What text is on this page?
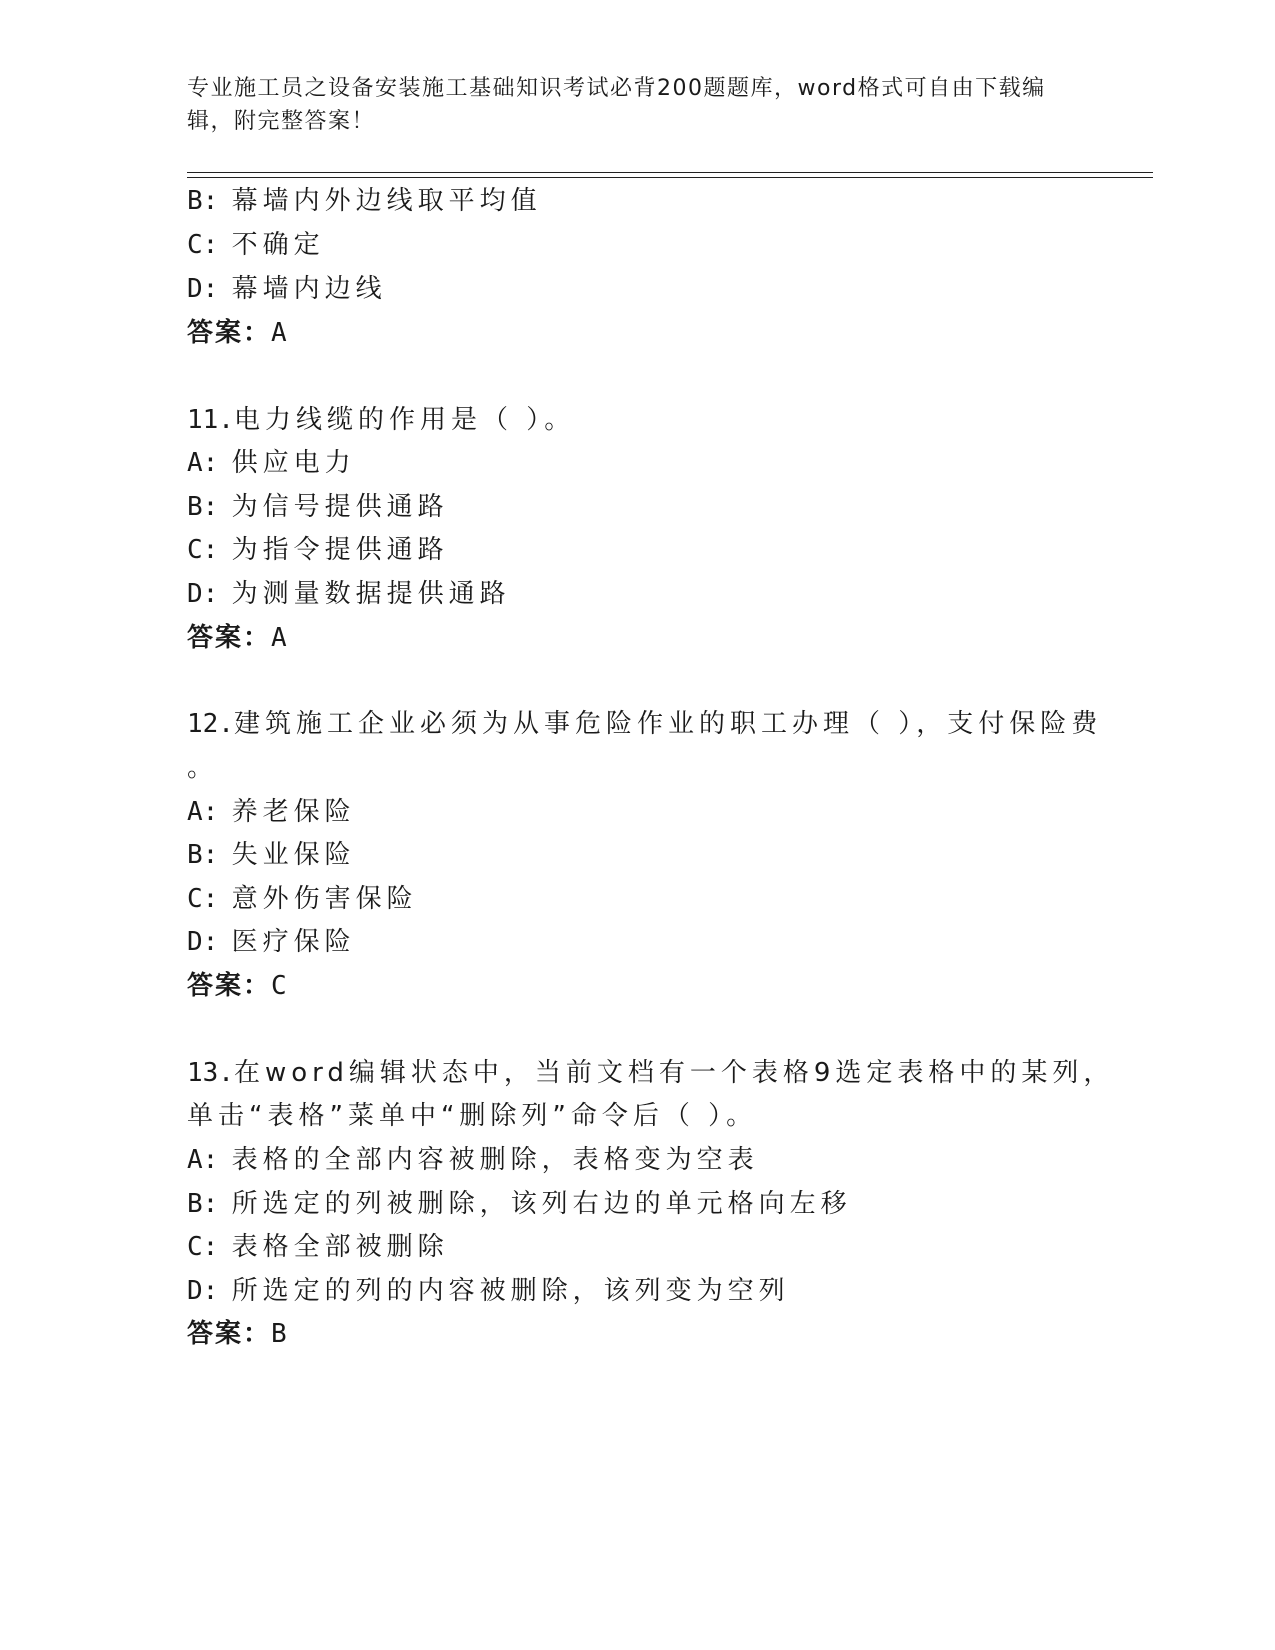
专业施工员之设备安装施工基础知识考试必背200题题库，word格式可自由下载编辑，附完整答案！
B: 幕墙内外边线取平均值
C: 不确定
D: 幕墙内边线
答案：A
11.电力线缆的作用是（ ）。
A: 供应电力
B: 为信号提供通路
C: 为指令提供通路
D: 为测量数据提供通路
答案：A
12.建筑施工企业必须为从事危险作业的职工办理（ ），支付保险费
。
A: 养老保险
B: 失业保险
C: 意外伤害保险
D: 医疗保险
答案：C
13.在word编辑状态中，当前文档有一个表格9选定表格中的某列，
单击“表格”菜单中“删除列”命令后（ ）。
A: 表格的全部内容被删除，表格变为空表
B: 所选定的列被删除，该列右边的单元格向左移
C: 表格全部被删除
D: 所选定的列的内容被删除，该列变为空列
答案：B
